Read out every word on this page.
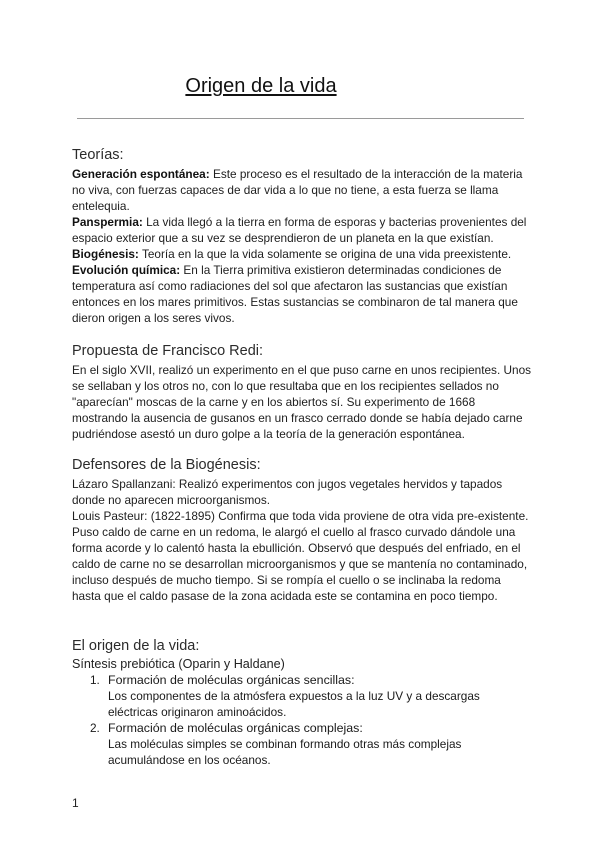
Origen de la vida
Teorías:

Generación espontánea: Este proceso es el resultado de la interacción de la materia no viva, con fuerzas capaces de dar vida a lo que no tiene, a esta fuerza se llama entelequia.

Panspermia: La vida llegó a la tierra en forma de esporas y bacterias provenientes del espacio exterior que a su vez se desprendieron de un planeta en la que existían.

Biogénesis: Teoría en la que la vida solamente se origina de una vida preexistente.

Evolución química: En la Tierra primitiva existieron determinadas condiciones de temperatura así como radiaciones del sol que afectaron las sustancias que existían entonces en los mares primitivos. Estas sustancias se combinaron de tal manera que dieron origen a los seres vivos.

Propuesta de Francisco Redi:

En el siglo XVII, realizó un experimento en el que puso carne en unos recipientes. Unos se sellaban y los otros no, con lo que resultaba que en los recipientes sellados no "aparecían" moscas de la carne y en los abiertos sí. Su experimento de 1668 mostrando la ausencia de gusanos en un frasco cerrado donde se había dejado carne pudriéndose asestó un duro golpe a la teoría de la generación espontánea.

Defensores de la Biogénesis:

Lázaro Spallanzani: Realizó experimentos con jugos vegetales hervidos y tapados donde no aparecen microorganismos.

Louis Pasteur: (1822-1895) Confirma que toda vida proviene de otra vida pre-existente. Puso caldo de carne en un redoma, le alargó el cuello al frasco curvado dándole una forma acorde y lo calentó hasta la ebullición. Observó que después del enfriado, en el caldo de carne no se desarrollan microorganismos y que se mantenía no contaminado, incluso después de mucho tiempo. Si se rompía el cuello o se inclinaba la redoma hasta que el caldo pasase de la zona acidada este se contamina en poco tiempo.

El origen de la vida:
Síntesis prebiótica (Oparin y Haldane)
1. Formación de moléculas orgánicas sencillas:
Los componentes de la atmósfera expuestos a la luz UV y a descargas eléctricas originaron aminoácidos.
2. Formación de moléculas orgánicas complejas:
Las moléculas simples se combinan formando otras más complejas acumulándose en los océanos.
1
